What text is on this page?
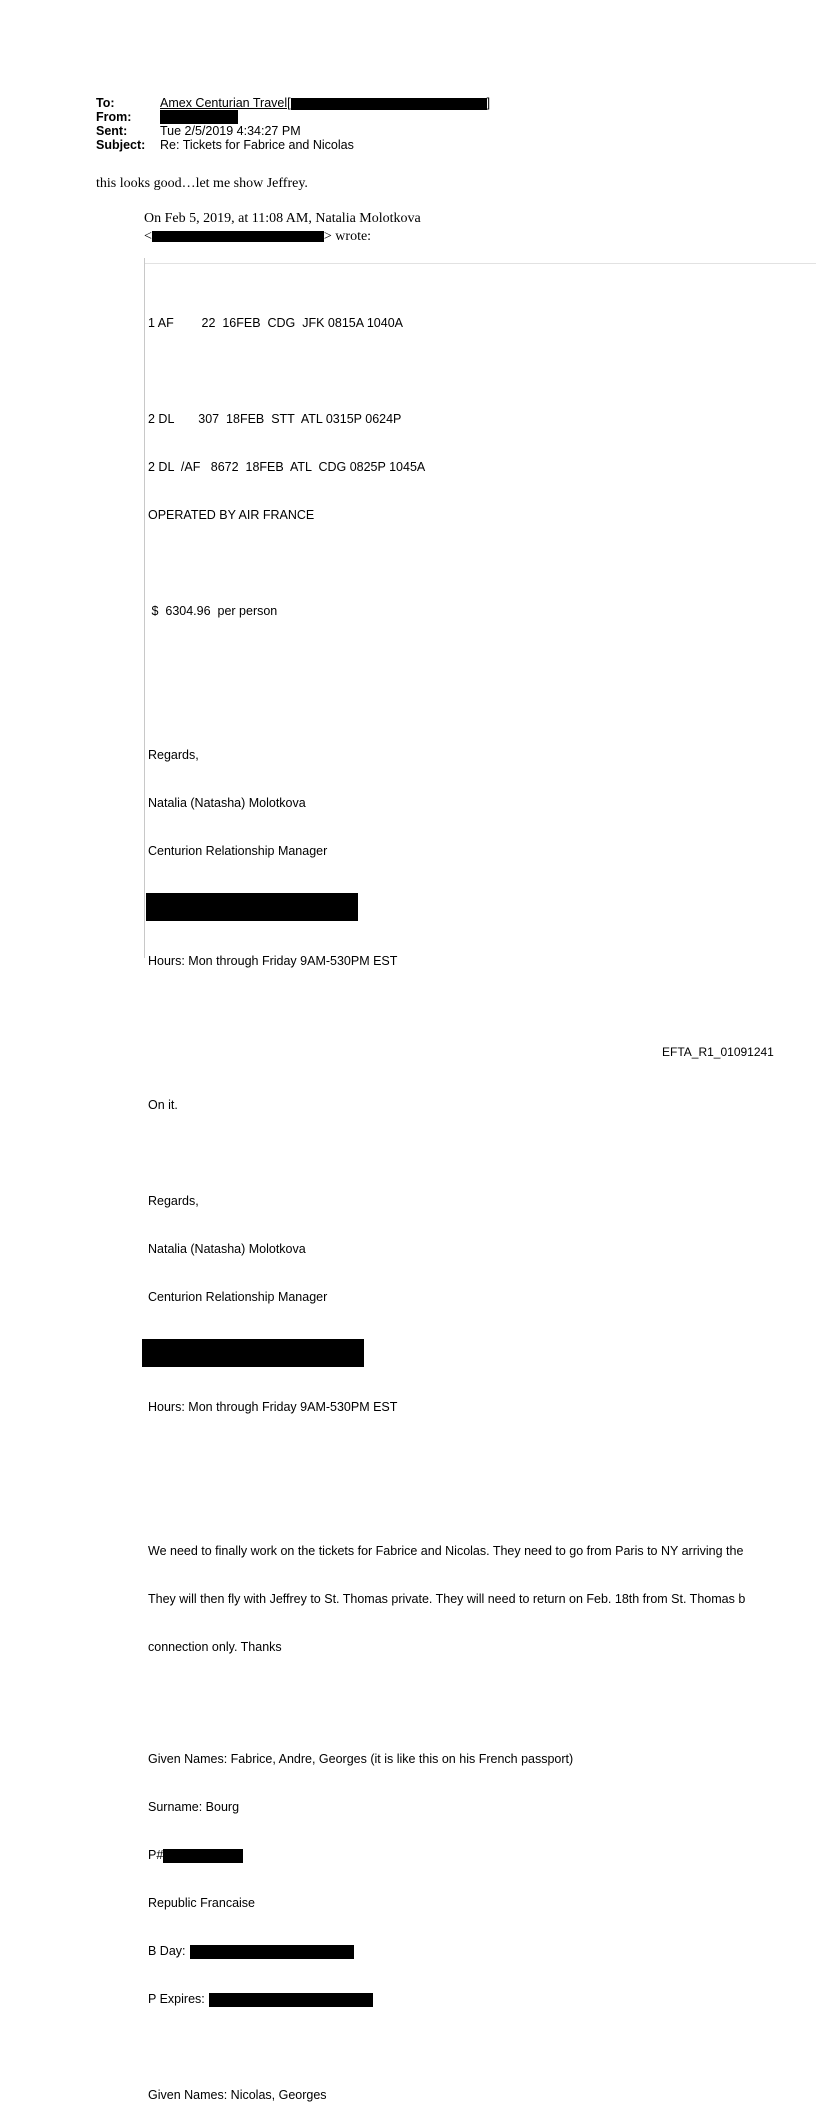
To:	Amex Centurian Travel[	]
From:
Sent:	Tue 2/5/2019 4:34:27 PM
Subject:	Re: Tickets for Fabrice and Nicolas
this looks good…let me show Jeffrey.
On Feb 5, 2019, at 11:08 AM, Natalia Molotkova
<	> wrote:

1 AF        22  16FEB  CDG  JFK 0815A 1040A

2 DL       307  18FEB  STT  ATL 0315P 0624P

2 DL  /AF   8672  18FEB  ATL  CDG 0825P 1045A

OPERATED BY AIR FRANCE

$  6304.96  per person

Regards,

Natalia (Natasha) Molotkova

Centurion Relationship Manager

Hours: Mon through Friday 9AM-530PM EST

On it.

Regards,

Natalia (Natasha) Molotkova

Centurion Relationship Manager

Hours: Mon through Friday 9AM-530PM EST

We need to finally work on the tickets for Fabrice and Nicolas. They need to go from Paris to NY arriving the

They will then fly with Jeffrey to St. Thomas private. They will need to return on Feb. 18th from St. Thomas b

connection only. Thanks

Given Names: Fabrice, Andre, Georges (it is like this on his French passport)

Surname: Bourg

P#

Republic Francaise

B Day:

P Expires:

Given Names: Nicolas, Georges

EFTA_R1_01091241
